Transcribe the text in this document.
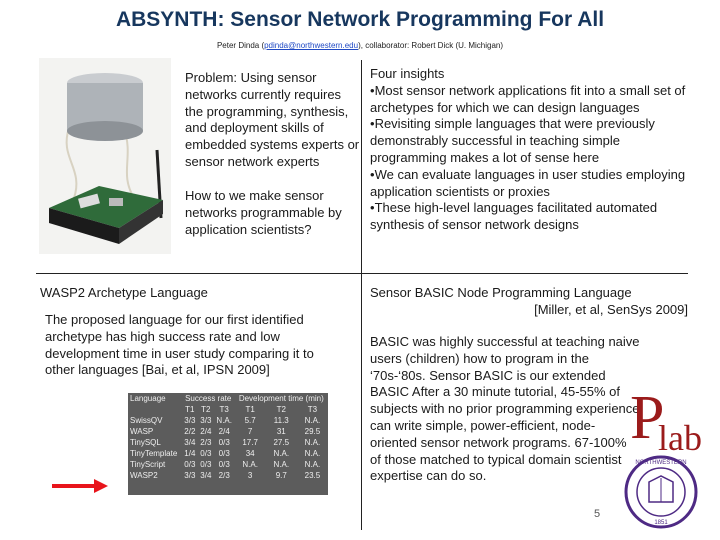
ABSYNTH: Sensor Network Programming For All
Peter Dinda (pdinda@northwestern.edu), collaborator: Robert Dick (U. Michigan)
Problem: Using sensor networks currently requires the programming, synthesis, and deployment skills of embedded systems experts or sensor network experts
How to we make sensor networks programmable by application scientists?
Four insights
•Most sensor network applications fit into a small set of archetypes for which we can design languages
•Revisiting simple languages that were previously demonstrably successful in teaching simple programming makes a lot of sense here
•We can evaluate languages in user studies employing application scientists or proxies
•These high-level languages facilitated automated synthesis of sensor network designs
WASP2 Archetype Language
The proposed language for our first identified archetype has high success rate and low development time in user study comparing it to other languages [Bai, et al, IPSN 2009]
Language	Success rate			Development time (min)		
	T1	T2	T3	T1	T2	T3
SwissQV	3/3	3/3	N.A.	5.7	11.3	N.A.
WASP	2/2	2/4	2/4	7	31	29.5
TinySQL	3/4	2/3	0/3	17.7	27.5	N.A.
TinyTemplate	1/4	0/3	0/3	34	N.A.	N.A.
TinyScript	0/3	0/3	0/3	N.A.	N.A.	N.A.
WASP2	3/3	3/4	2/3	3	9.7	23.5
Sensor BASIC Node Programming Language
[Miller, et al, SenSys 2009]
BASIC was highly successful at teaching naive users (children) how to program in the ‘70s-‘80s. Sensor BASIC is our extended BASIC After a 30 minute tutorial, 45-55% of subjects with no prior programming experience can write simple, power-efficient, node-oriented sensor network programs. 67-100% of those matched to typical domain scientist expertise can do so.
P
lab
NORTHWESTERN
1851
5
